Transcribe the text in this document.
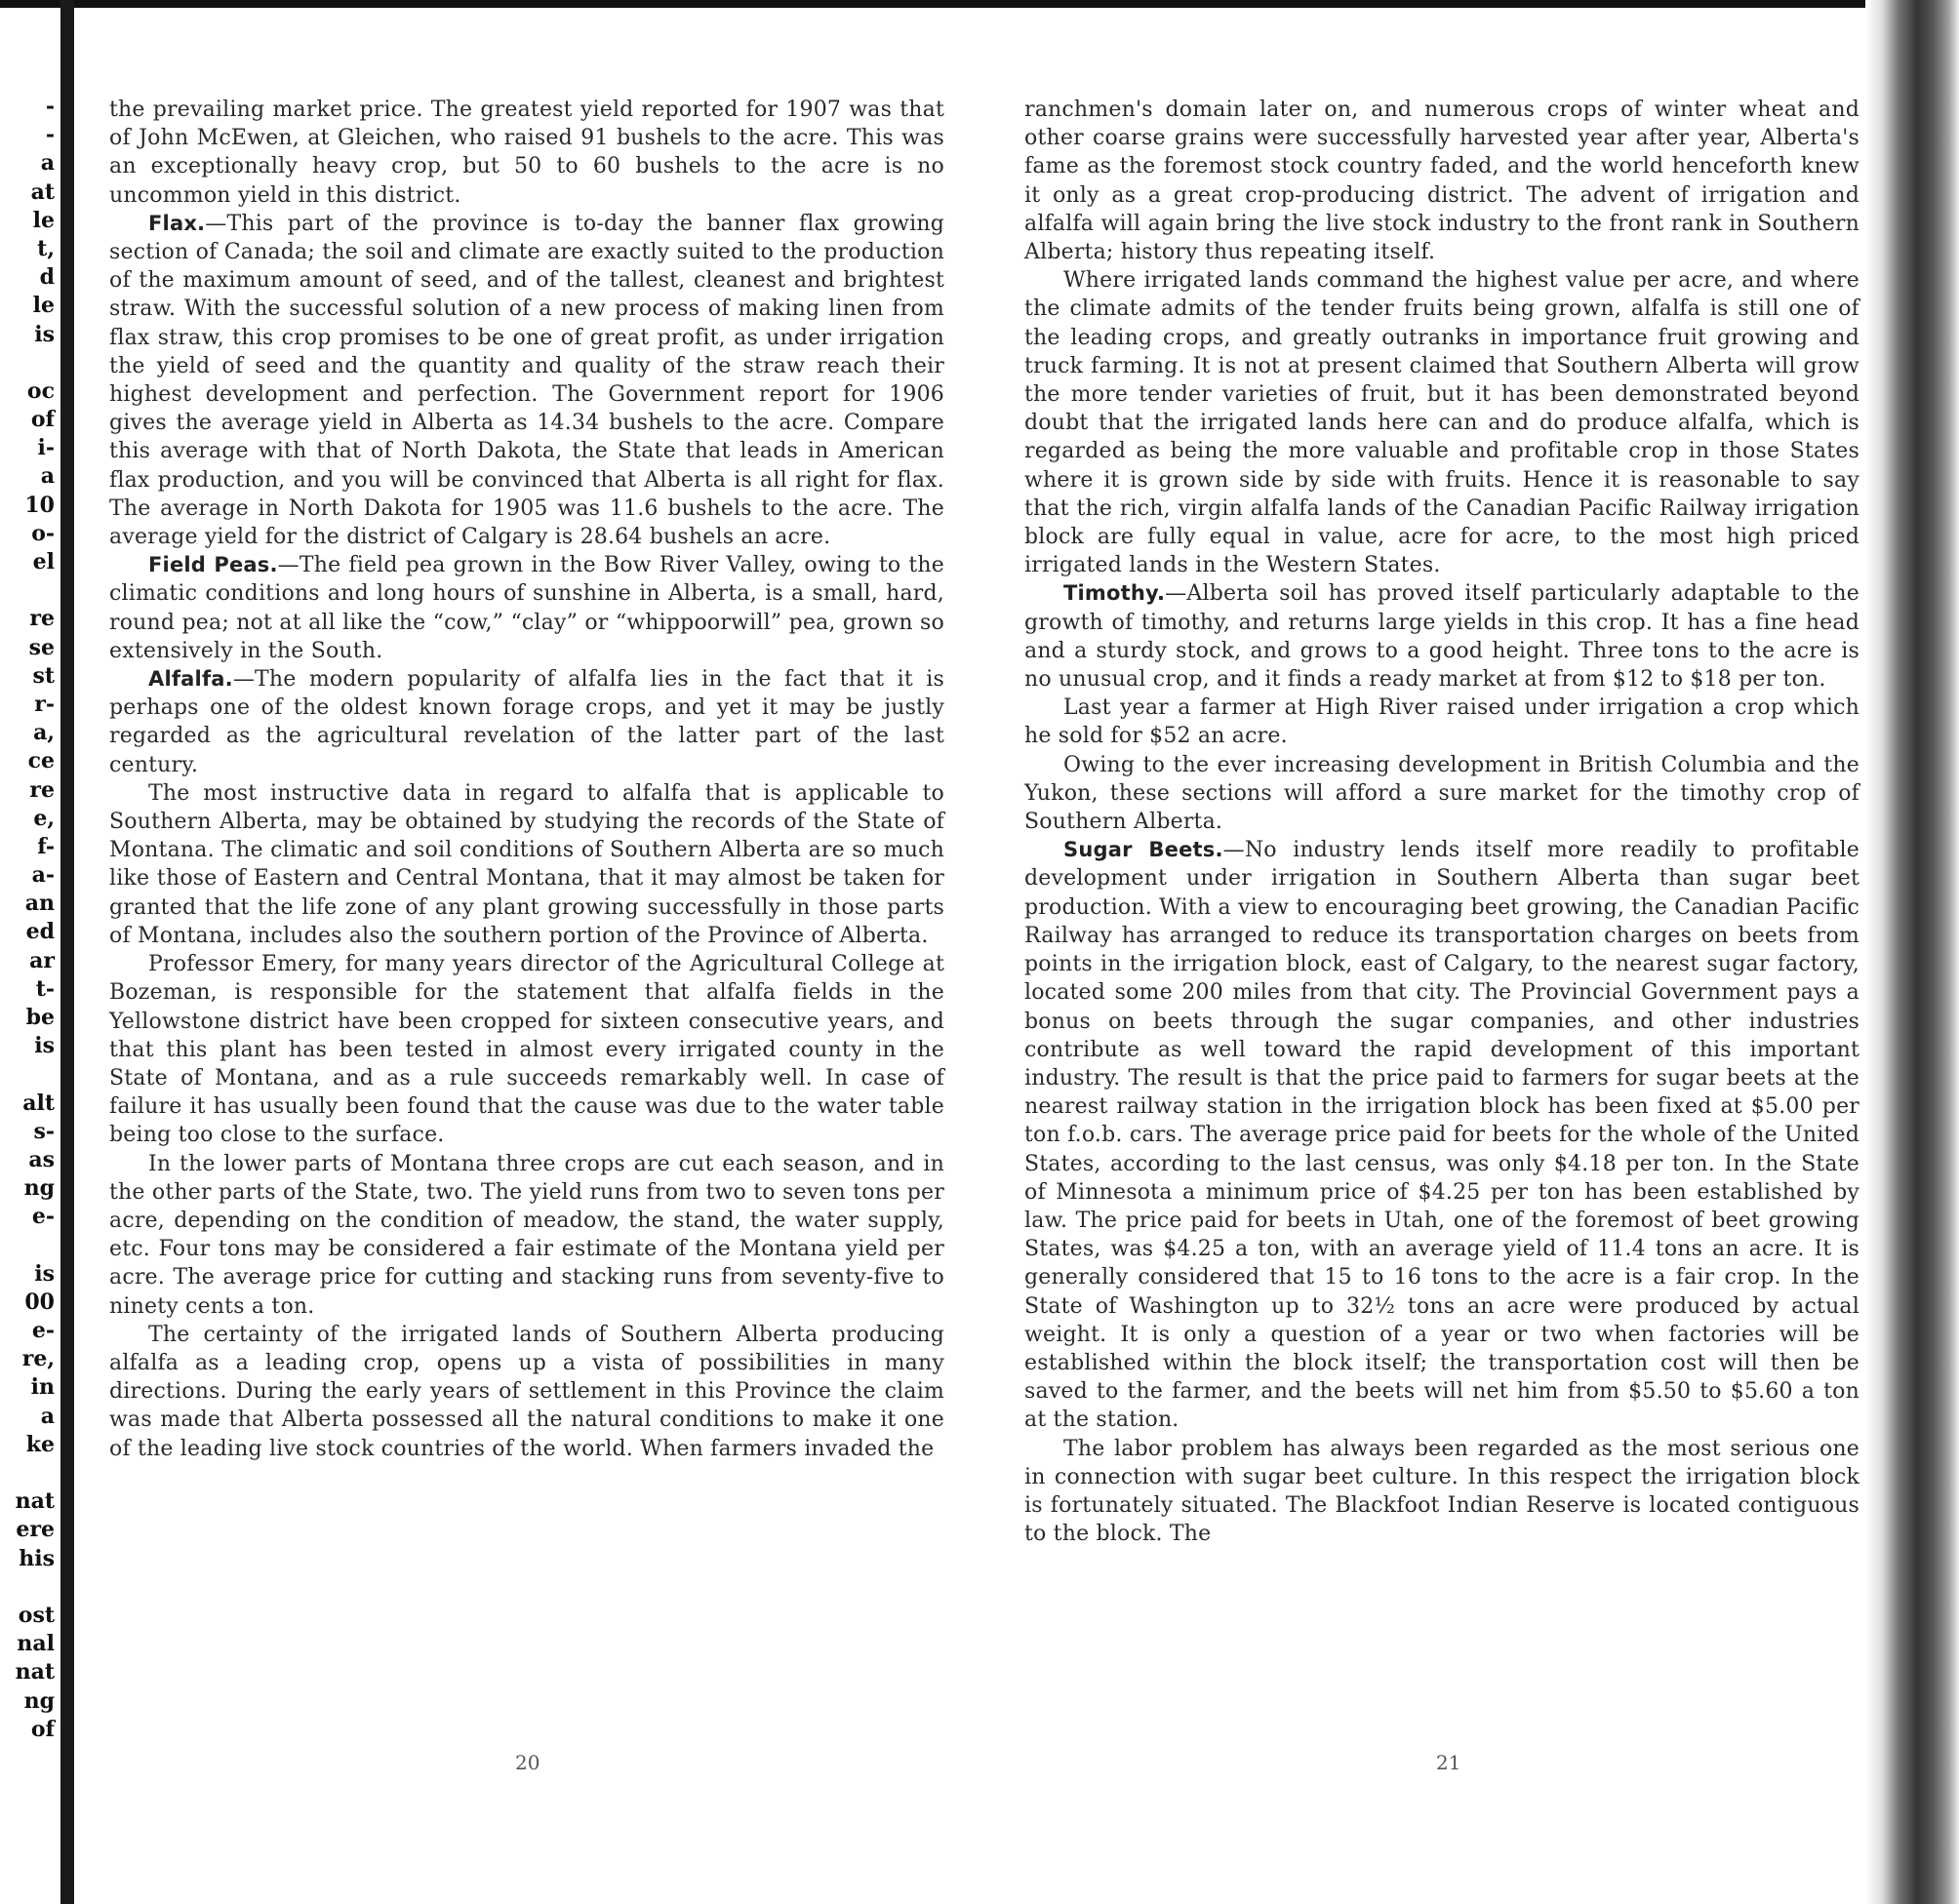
-
-
a
at
le
t,
d
le
is
oc
of
i-
a
10
o-
el
re
se
st
r-
a,
ce
re
e,
f-
a-
an
ed
ar
t-
be
is
alt
s-
as
ng
e-
is
00
e-
re,
in
a
ke
nat
ere
his
ost
nal
nat
ng
of

the prevailing market price. The greatest yield reported for 1907 was that of John McEwen, at Gleichen, who raised 91 bushels to the acre. This was an exceptionally heavy crop, but 50 to 60 bushels to the acre is no uncommon yield in this district.

Flax.—This part of the province is to-day the banner flax growing section of Canada; the soil and climate are exactly suited to the production of the maximum amount of seed, and of the tallest, cleanest and brightest straw. With the successful solution of a new process of making linen from flax straw, this crop promises to be one of great profit, as under irrigation the yield of seed and the quantity and quality of the straw reach their highest development and perfection. The Government report for 1906 gives the average yield in Alberta as 14.34 bushels to the acre. Compare this average with that of North Dakota, the State that leads in American flax production, and you will be convinced that Alberta is all right for flax. The average in North Dakota for 1905 was 11.6 bushels to the acre. The average yield for the district of Calgary is 28.64 bushels an acre.

Field Peas.—The field pea grown in the Bow River Valley, owing to the climatic conditions and long hours of sunshine in Alberta, is a small, hard, round pea; not at all like the “cow,” “clay” or “whippoorwill” pea, grown so extensively in the South.

Alfalfa.—The modern popularity of alfalfa lies in the fact that it is perhaps one of the oldest known forage crops, and yet it may be justly regarded as the agricultural revelation of the latter part of the last century.

The most instructive data in regard to alfalfa that is applicable to Southern Alberta, may be obtained by studying the records of the State of Montana. The climatic and soil conditions of Southern Alberta are so much like those of Eastern and Central Montana, that it may almost be taken for granted that the life zone of any plant growing successfully in those parts of Montana, includes also the southern portion of the Province of Alberta.

Professor Emery, for many years director of the Agricultural College at Bozeman, is responsible for the statement that alfalfa fields in the Yellowstone district have been cropped for sixteen consecutive years, and that this plant has been tested in almost every irrigated county in the State of Montana, and as a rule succeeds remarkably well. In case of failure it has usually been found that the cause was due to the water table being too close to the surface.

In the lower parts of Montana three crops are cut each season, and in the other parts of the State, two. The yield runs from two to seven tons per acre, depending on the condition of meadow, the stand, the water supply, etc. Four tons may be considered a fair estimate of the Montana yield per acre. The average price for cutting and stacking runs from seventy-five to ninety cents a ton.

The certainty of the irrigated lands of Southern Alberta producing alfalfa as a leading crop, opens up a vista of possibilities in many directions. During the early years of settlement in this Province the claim was made that Alberta possessed all the natural conditions to make it one of the leading live stock countries of the world. When farmers invaded the

ranchmen's domain later on, and numerous crops of winter wheat and other coarse grains were successfully harvested year after year, Alberta's fame as the foremost stock country faded, and the world henceforth knew it only as a great crop-producing district. The advent of irrigation and alfalfa will again bring the live stock industry to the front rank in Southern Alberta; history thus repeating itself.

Where irrigated lands command the highest value per acre, and where the climate admits of the tender fruits being grown, alfalfa is still one of the leading crops, and greatly outranks in importance fruit growing and truck farming. It is not at present claimed that Southern Alberta will grow the more tender varieties of fruit, but it has been demonstrated beyond doubt that the irrigated lands here can and do produce alfalfa, which is regarded as being the more valuable and profitable crop in those States where it is grown side by side with fruits. Hence it is reasonable to say that the rich, virgin alfalfa lands of the Canadian Pacific Railway irrigation block are fully equal in value, acre for acre, to the most high priced irrigated lands in the Western States.

Timothy.—Alberta soil has proved itself particularly adaptable to the growth of timothy, and returns large yields in this crop. It has a fine head and a sturdy stock, and grows to a good height. Three tons to the acre is no unusual crop, and it finds a ready market at from $12 to $18 per ton.

Last year a farmer at High River raised under irrigation a crop which he sold for $52 an acre.

Owing to the ever increasing development in British Columbia and the Yukon, these sections will afford a sure market for the timothy crop of Southern Alberta.

Sugar Beets.—No industry lends itself more readily to profitable development under irrigation in Southern Alberta than sugar beet production. With a view to encouraging beet growing, the Canadian Pacific Railway has arranged to reduce its transportation charges on beets from points in the irrigation block, east of Calgary, to the nearest sugar factory, located some 200 miles from that city. The Provincial Government pays a bonus on beets through the sugar companies, and other industries contribute as well toward the rapid development of this important industry. The result is that the price paid to farmers for sugar beets at the nearest railway station in the irrigation block has been fixed at $5.00 per ton f.o.b. cars. The average price paid for beets for the whole of the United States, according to the last census, was only $4.18 per ton. In the State of Minnesota a minimum price of $4.25 per ton has been established by law. The price paid for beets in Utah, one of the foremost of beet growing States, was $4.25 a ton, with an average yield of 11.4 tons an acre. It is generally considered that 15 to 16 tons to the acre is a fair crop. In the State of Washington up to 32½ tons an acre were produced by actual weight. It is only a question of a year or two when factories will be established within the block itself; the transportation cost will then be saved to the farmer, and the beets will net him from $5.50 to $5.60 a ton at the station.

The labor problem has always been regarded as the most serious one in connection with sugar beet culture. In this respect the irrigation block is fortunately situated. The Blackfoot Indian Reserve is located contiguous to the block. The

20	21
